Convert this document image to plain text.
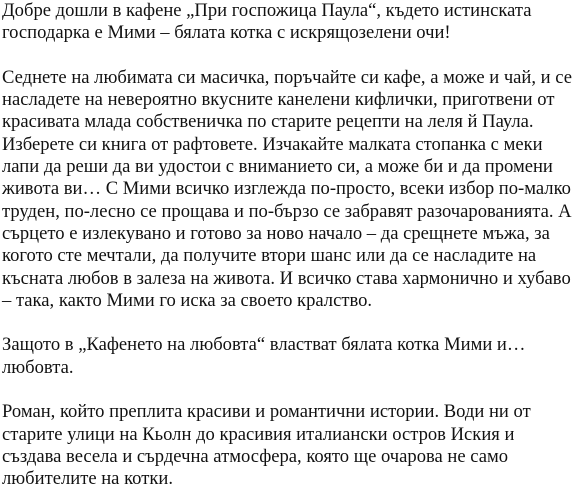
Добре дошли в кафене „При госпожица Паула“, където истинската господарка е Мими – бялата котка с искрящозелени очи!

Седнете на любимата си масичка, поръчайте си кафе, а може и чай, и се насладете на невероятно вкусните канелени кифлички, приготвени от красивата млада собственичка по старите рецепти на леля й Паула. Изберете си книга от рафтовете. Изчакайте малката стопанка с меки лапи да реши да ви удостои с вниманието си, а може би и да промени живота ви… С Мими всичко изглежда по-просто, всеки избор по-малко труден, по-лесно се прощава и по-бързо се забравят разочарованията. А сърцето е излекувано и готово за ново начало – да срещнете мъжа, за когото сте мечтали, да получите втори шанс или да се насладите на късната любов в залеза на живота. И всичко става хармонично и хубаво – така, както Мими го иска за своето кралство.

Защото в „Кафенето на любовта“ властват бялата котка Мими и… любовта.

Роман, който преплита красиви и романтични истории. Води ни от старите улици на Кьолн до красивия италиански остров Иския и създава весела и сърдечна атмосфера, която ще очарова не само любителите на котки.
